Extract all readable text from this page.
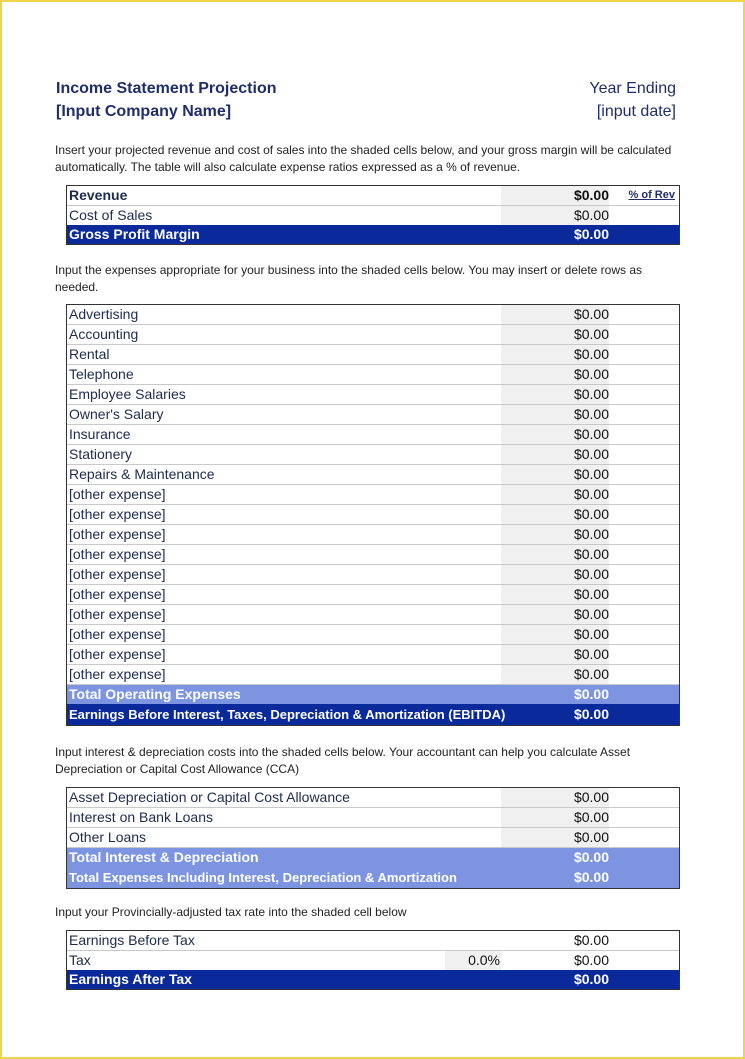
Income Statement Projection
[Input Company Name]
Year Ending
[input date]
Insert your projected revenue and cost of sales into the shaded cells below, and your gross margin will be calculated automatically. The table will also calculate expense ratios expressed as a % of revenue.
Revenue	$0.00 % of Rev
Cost of Sales	$0.00
Gross Profit Margin	$0.00
Input the expenses appropriate for your business into the shaded cells below. You may insert or delete rows as needed.
Advertising	$0.00
Accounting	$0.00
Rental	$0.00
Telephone	$0.00
Employee Salaries	$0.00
Owner's Salary	$0.00
Insurance	$0.00
Stationery	$0.00
Repairs & Maintenance	$0.00
[other expense]	$0.00
[other expense]	$0.00
[other expense]	$0.00
[other expense]	$0.00
[other expense]	$0.00
[other expense]	$0.00
[other expense]	$0.00
[other expense]	$0.00
[other expense]	$0.00
[other expense]	$0.00
Total Operating Expenses	$0.00
Earnings Before Interest, Taxes, Depreciation & Amortization (EBITDA)	$0.00
Input interest & depreciation costs into the shaded cells below. Your accountant can help you calculate Asset Depreciation or Capital Cost Allowance (CCA)
Asset Depreciation or Capital Cost Allowance	$0.00
Interest on Bank Loans	$0.00
Other Loans	$0.00
Total Interest & Depreciation	$0.00
Total Expenses Including Interest, Depreciation & Amortization	$0.00
Input your Provincially-adjusted tax rate into the shaded cell below
Earnings Before Tax	$0.00
Tax	0.0%	$0.00
Earnings After Tax	$0.00
